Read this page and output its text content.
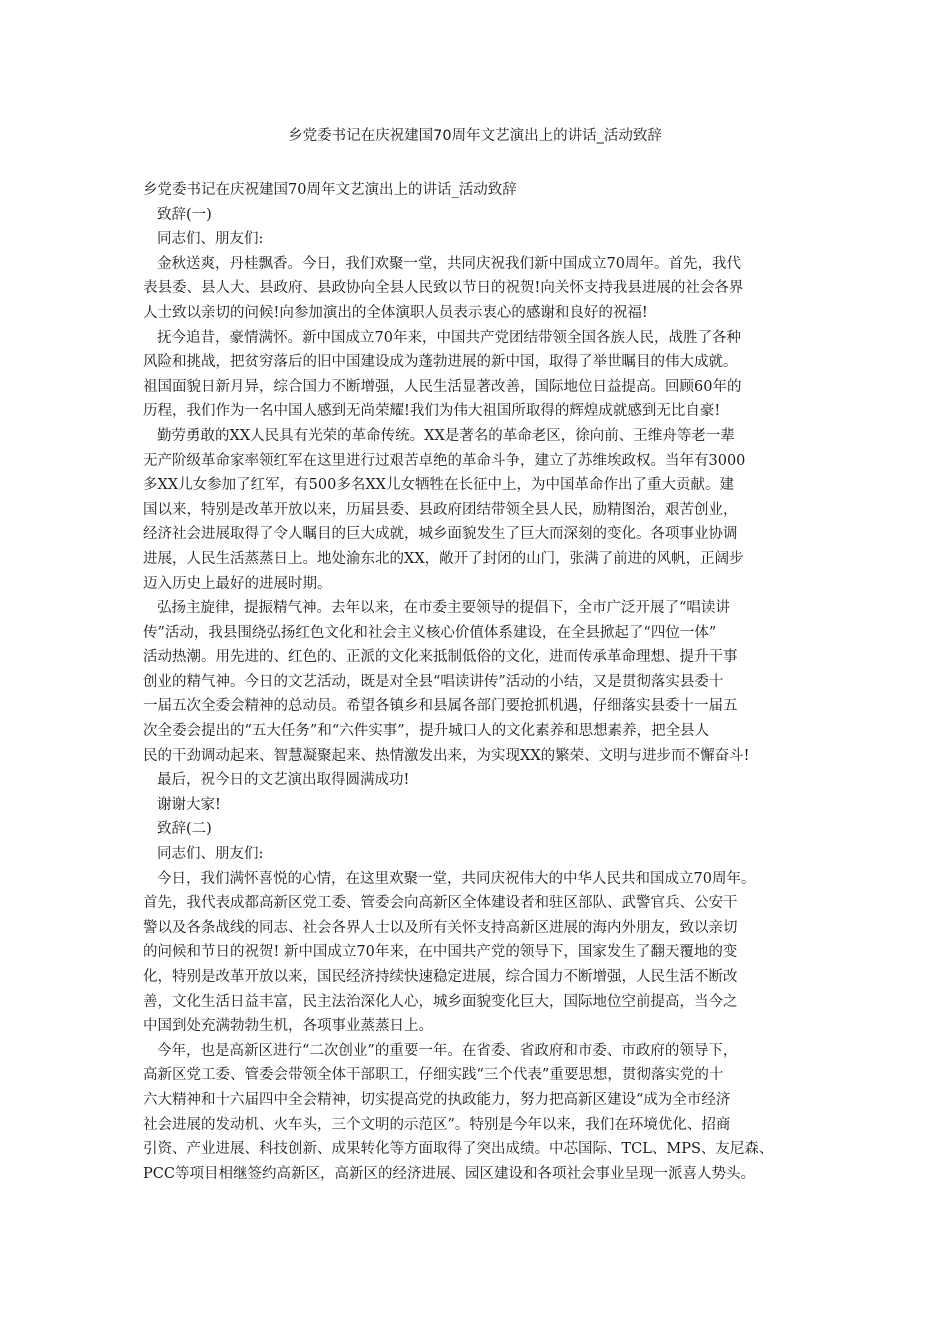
乡党委书记在庆祝建国70周年文艺演出上的讲话_活动致辞
乡党委书记在庆祝建国70周年文艺演出上的讲话_活动致辞
致辞(一)
同志们、朋友们:
金秋送爽，丹桂飘香。今日，我们欢聚一堂，共同庆祝我们新中国成立70周年。首先，我代
表县委、县人大、县政府、县政协向全县人民致以节日的祝贺!向关怀支持我县进展的社会各界
人士致以亲切的问候!向参加演出的全体演职人员表示衷心的感谢和良好的祝福!
抚今追昔，豪情满怀。新中国成立70年来，中国共产党团结带领全国各族人民，战胜了各种
风险和挑战，把贫穷落后的旧中国建设成为蓬勃进展的新中国，取得了举世瞩目的伟大成就。
祖国面貌日新月异，综合国力不断增强，人民生活显著改善，国际地位日益提高。回顾60年的
历程，我们作为一名中国人感到无尚荣耀!我们为伟大祖国所取得的辉煌成就感到无比自豪!
勤劳勇敢的XX人民具有光荣的革命传统。XX是著名的革命老区，徐向前、王维舟等老一辈
无产阶级革命家率领红军在这里进行过艰苦卓绝的革命斗争，建立了苏维埃政权。当年有3000
多XX儿女参加了红军，有500多名XX儿女牺牲在长征中上，为中国革命作出了重大贡献。建
国以来，特别是改革开放以来，历届县委、县政府团结带领全县人民，励精图治，艰苦创业，
经济社会进展取得了令人瞩目的巨大成就，城乡面貌发生了巨大而深刻的变化。各项事业协调
进展，人民生活蒸蒸日上。地处渝东北的XX，敞开了封闭的山门，张满了前进的风帆，正阔步
迈入历史上最好的进展时期。
弘扬主旋律，提振精气神。去年以来，在市委主要领导的提倡下，全市广泛开展了“唱读讲
传”活动，我县围绕弘扬红色文化和社会主义核心价值体系建设，在全县掀起了“四位一体”
活动热潮。用先进的、红色的、正派的文化来抵制低俗的文化，进而传承革命理想、提升干事
创业的精气神。今日的文艺活动，既是对全县“唱读讲传”活动的小结，又是贯彻落实县委十
一届五次全委会精神的总动员。希望各镇乡和县属各部门要抢抓机遇，仔细落实县委十一届五
次全委会提出的“五大任务”和“六件实事”，提升城口人的文化素养和思想素养，把全县人
民的干劲调动起来、智慧凝聚起来、热情激发出来，为实现XX的繁荣、文明与进步而不懈奋斗!
最后，祝今日的文艺演出取得圆满成功!
谢谢大家!
致辞(二)
同志们、朋友们:
今日，我们满怀喜悦的心情，在这里欢聚一堂，共同庆祝伟大的中华人民共和国成立70周年。
首先，我代表成都高新区党工委、管委会向高新区全体建设者和驻区部队、武警官兵、公安干
警以及各条战线的同志、社会各界人士以及所有关怀支持高新区进展的海内外朋友，致以亲切
的问候和节日的祝贺! 新中国成立70年来，在中国共产党的领导下，国家发生了翻天覆地的变
化，特别是改革开放以来，国民经济持续快速稳定进展，综合国力不断增强，人民生活不断改
善，文化生活日益丰富，民主法治深化人心，城乡面貌变化巨大，国际地位空前提高，当今之
中国到处充满勃勃生机，各项事业蒸蒸日上。
今年，也是高新区进行“二次创业”的重要一年。在省委、省政府和市委、市政府的领导下，
高新区党工委、管委会带领全体干部职工，仔细实践“三个代表”重要思想，贯彻落实党的十
六大精神和十六届四中全会精神，切实提高党的执政能力，努力把高新区建设“成为全市经济
社会进展的发动机、火车头，三个文明的示范区”。特别是今年以来，我们在环境优化、招商
引资、产业进展、科技创新、成果转化等方面取得了突出成绩。中芯国际、TCL、MPS、友尼森、
PCC等项目相继签约高新区，高新区的经济进展、园区建设和各项社会事业呈现一派喜人势头。
